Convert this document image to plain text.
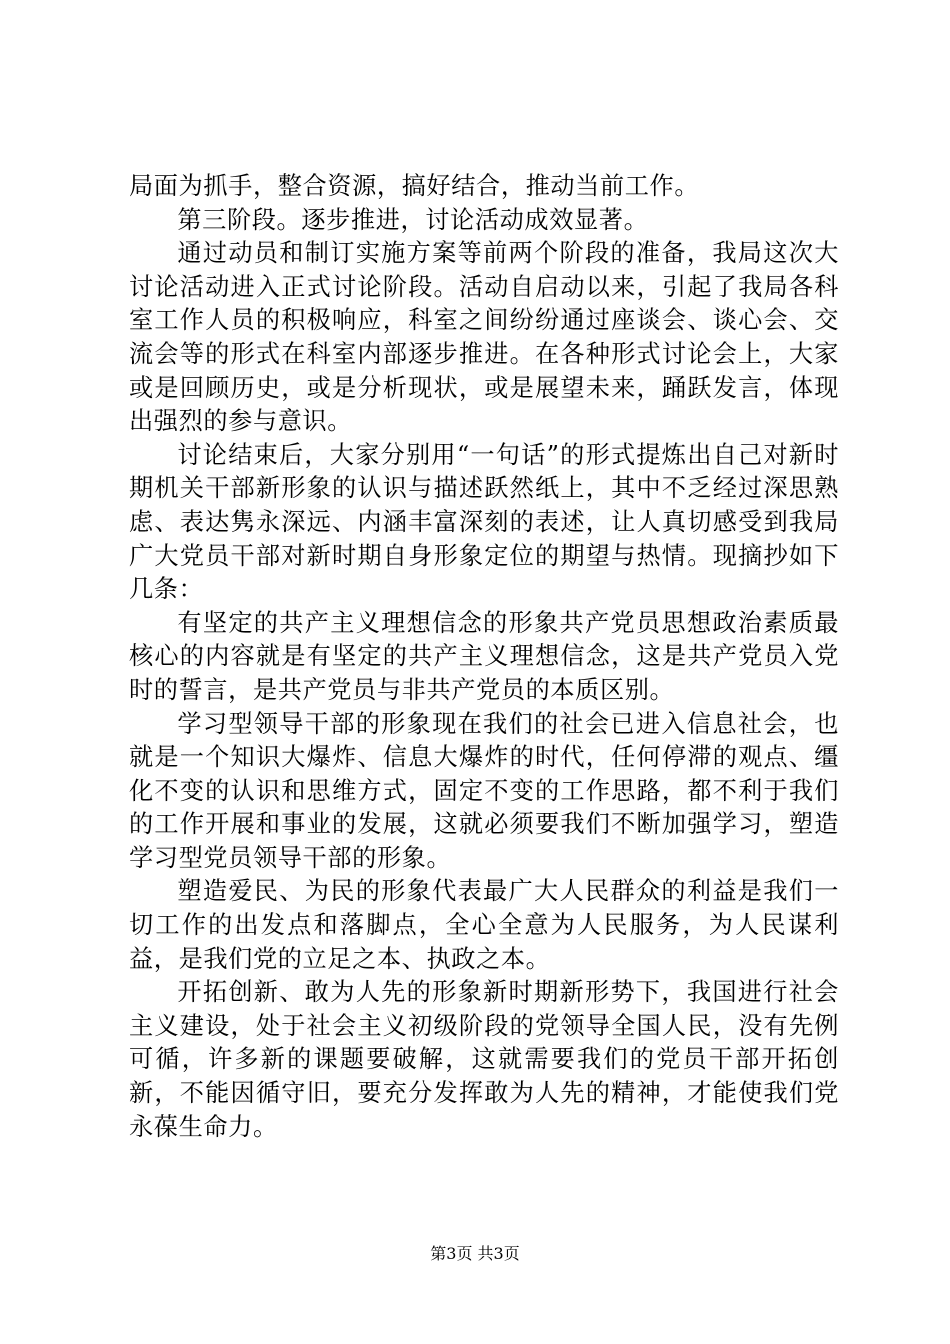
局面为抓手，整合资源，搞好结合，推动当前工作。

第三阶段。逐步推进，讨论活动成效显著。

通过动员和制订实施方案等前两个阶段的准备，我局这次大讨论活动进入正式讨论阶段。活动自启动以来，引起了我局各科室工作人员的积极响应，科室之间纷纷通过座谈会、谈心会、交流会等的形式在科室内部逐步推进。在各种形式讨论会上，大家或是回顾历史，或是分析现状，或是展望未来，踊跃发言，体现出强烈的参与意识。

讨论结束后，大家分别用“一句话”的形式提炼出自己对新时期机关干部新形象的认识与描述跃然纸上，其中不乏经过深思熟虑、表达隽永深远、内涵丰富深刻的表述，让人真切感受到我局广大党员干部对新时期自身形象定位的期望与热情。现摘抄如下几条：

有坚定的共产主义理想信念的形象共产党员思想政治素质最核心的内容就是有坚定的共产主义理想信念，这是共产党员入党时的誓言，是共产党员与非共产党员的本质区别。

学习型领导干部的形象现在我们的社会已进入信息社会，也就是一个知识大爆炸、信息大爆炸的时代，任何停滞的观点、缰化不变的认识和思维方式，固定不变的工作思路，都不利于我们的工作开展和事业的发展，这就必须要我们不断加强学习，塑造学习型党员领导干部的形象。

塑造爱民、为民的形象代表最广大人民群众的利益是我们一切工作的出发点和落脚点，全心全意为人民服务，为人民谋利益，是我们党的立足之本、执政之本。

开拓创新、敢为人先的形象新时期新形势下，我国进行社会主义建设，处于社会主义初级阶段的党领导全国人民，没有先例可循，许多新的课题要破解，这就需要我们的党员干部开拓创新，不能因循守旧，要充分发挥敢为人先的精神，才能使我们党永葆生命力。

第3页 共3页
